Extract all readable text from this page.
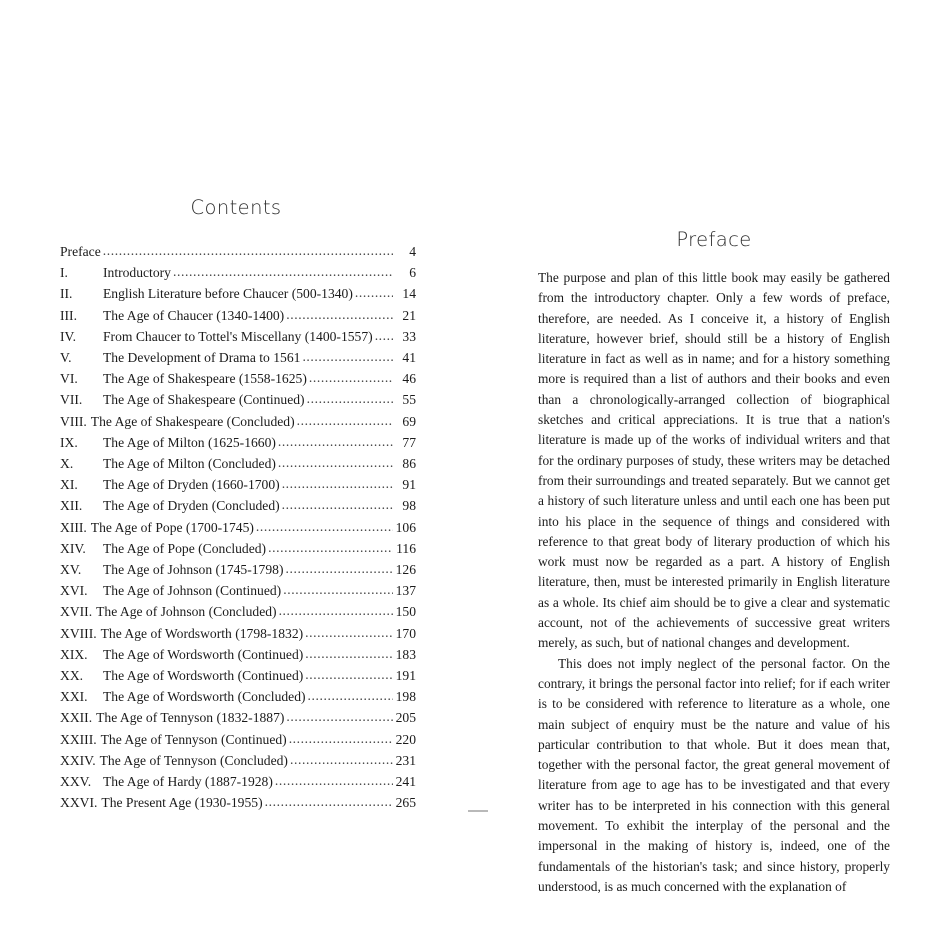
Contents
Preface .....	4
I.	Introductory .....	6
II.	English Literature before Chaucer (500-1340) .....	14
III.	The Age of Chaucer (1340-1400) .....	21
IV.	From Chaucer to Tottel's Miscellany (1400-1557) .....	33
V.	The Development of Drama to 1561 .....	41
VI.	The Age of Shakespeare (1558-1625) .....	46
VII.	The Age of Shakespeare (Continued) .....	55
VIII. The Age of Shakespeare (Concluded) .....	69
IX.	The Age of Milton (1625-1660) .....	77
X.	The Age of Milton (Concluded) .....	86
XI.	The Age of Dryden (1660-1700) .....	91
XII.	The Age of Dryden (Concluded) .....	98
XIII. The Age of Pope (1700-1745) .....	106
XIV.	The Age of Pope (Concluded) .....	116
XV.	The Age of Johnson (1745-1798) .....	126
XVI.	The Age of Johnson (Continued) .....	137
XVII. The Age of Johnson (Concluded) .....	150
XVIII. The Age of Wordsworth (1798-1832) .....	170
XIX.	The Age of Wordsworth (Continued) .....	183
XX.	The Age of Wordsworth (Continued) .....	191
XXI.	The Age of Wordsworth (Concluded) .....	198
XXII. The Age of Tennyson (1832-1887) .....	205
XXIII. The Age of Tennyson (Continued) .....	220
XXIV. The Age of Tennyson (Concluded) .....	231
XXV. The Age of Hardy (1887-1928) .....	241
XXVI. The Present Age (1930-1955) .....	265
Preface

The purpose and plan of this little book may easily be gathered from the introductory chapter. Only a few words of preface, therefore, are needed. As I conceive it, a history of English literature, however brief, should still be a history of English literature in fact as well as in name; and for a history something more is required than a list of authors and their books and even than a chronologically-arranged collection of biographical sketches and critical appreciations. It is true that a nation's literature is made up of the works of individual writers and that for the ordinary purposes of study, these writers may be detached from their surroundings and treated separately. But we cannot get a history of such literature unless and until each one has been put into his place in the sequence of things and considered with reference to that great body of literary production of which his work must now be regarded as a part. A history of English literature, then, must be interested primarily in English literature as a whole. Its chief aim should be to give a clear and systematic account, not of the achievements of successive great writers merely, as such, but of national changes and development.

This does not imply neglect of the personal factor. On the contrary, it brings the personal factor into relief; for if each writer is to be considered with reference to literature as a whole, one main subject of enquiry must be the nature and value of his particular contribution to that whole. But it does mean that, together with the personal factor, the great general movement of literature from age to age has to be investigated and that every writer has to be interpreted in his connection with this general movement. To exhibit the interplay of the personal and the impersonal in the making of history is, indeed, one of the fundamentals of the historian's task; and since history, properly understood, is as much concerned with the explanation of
